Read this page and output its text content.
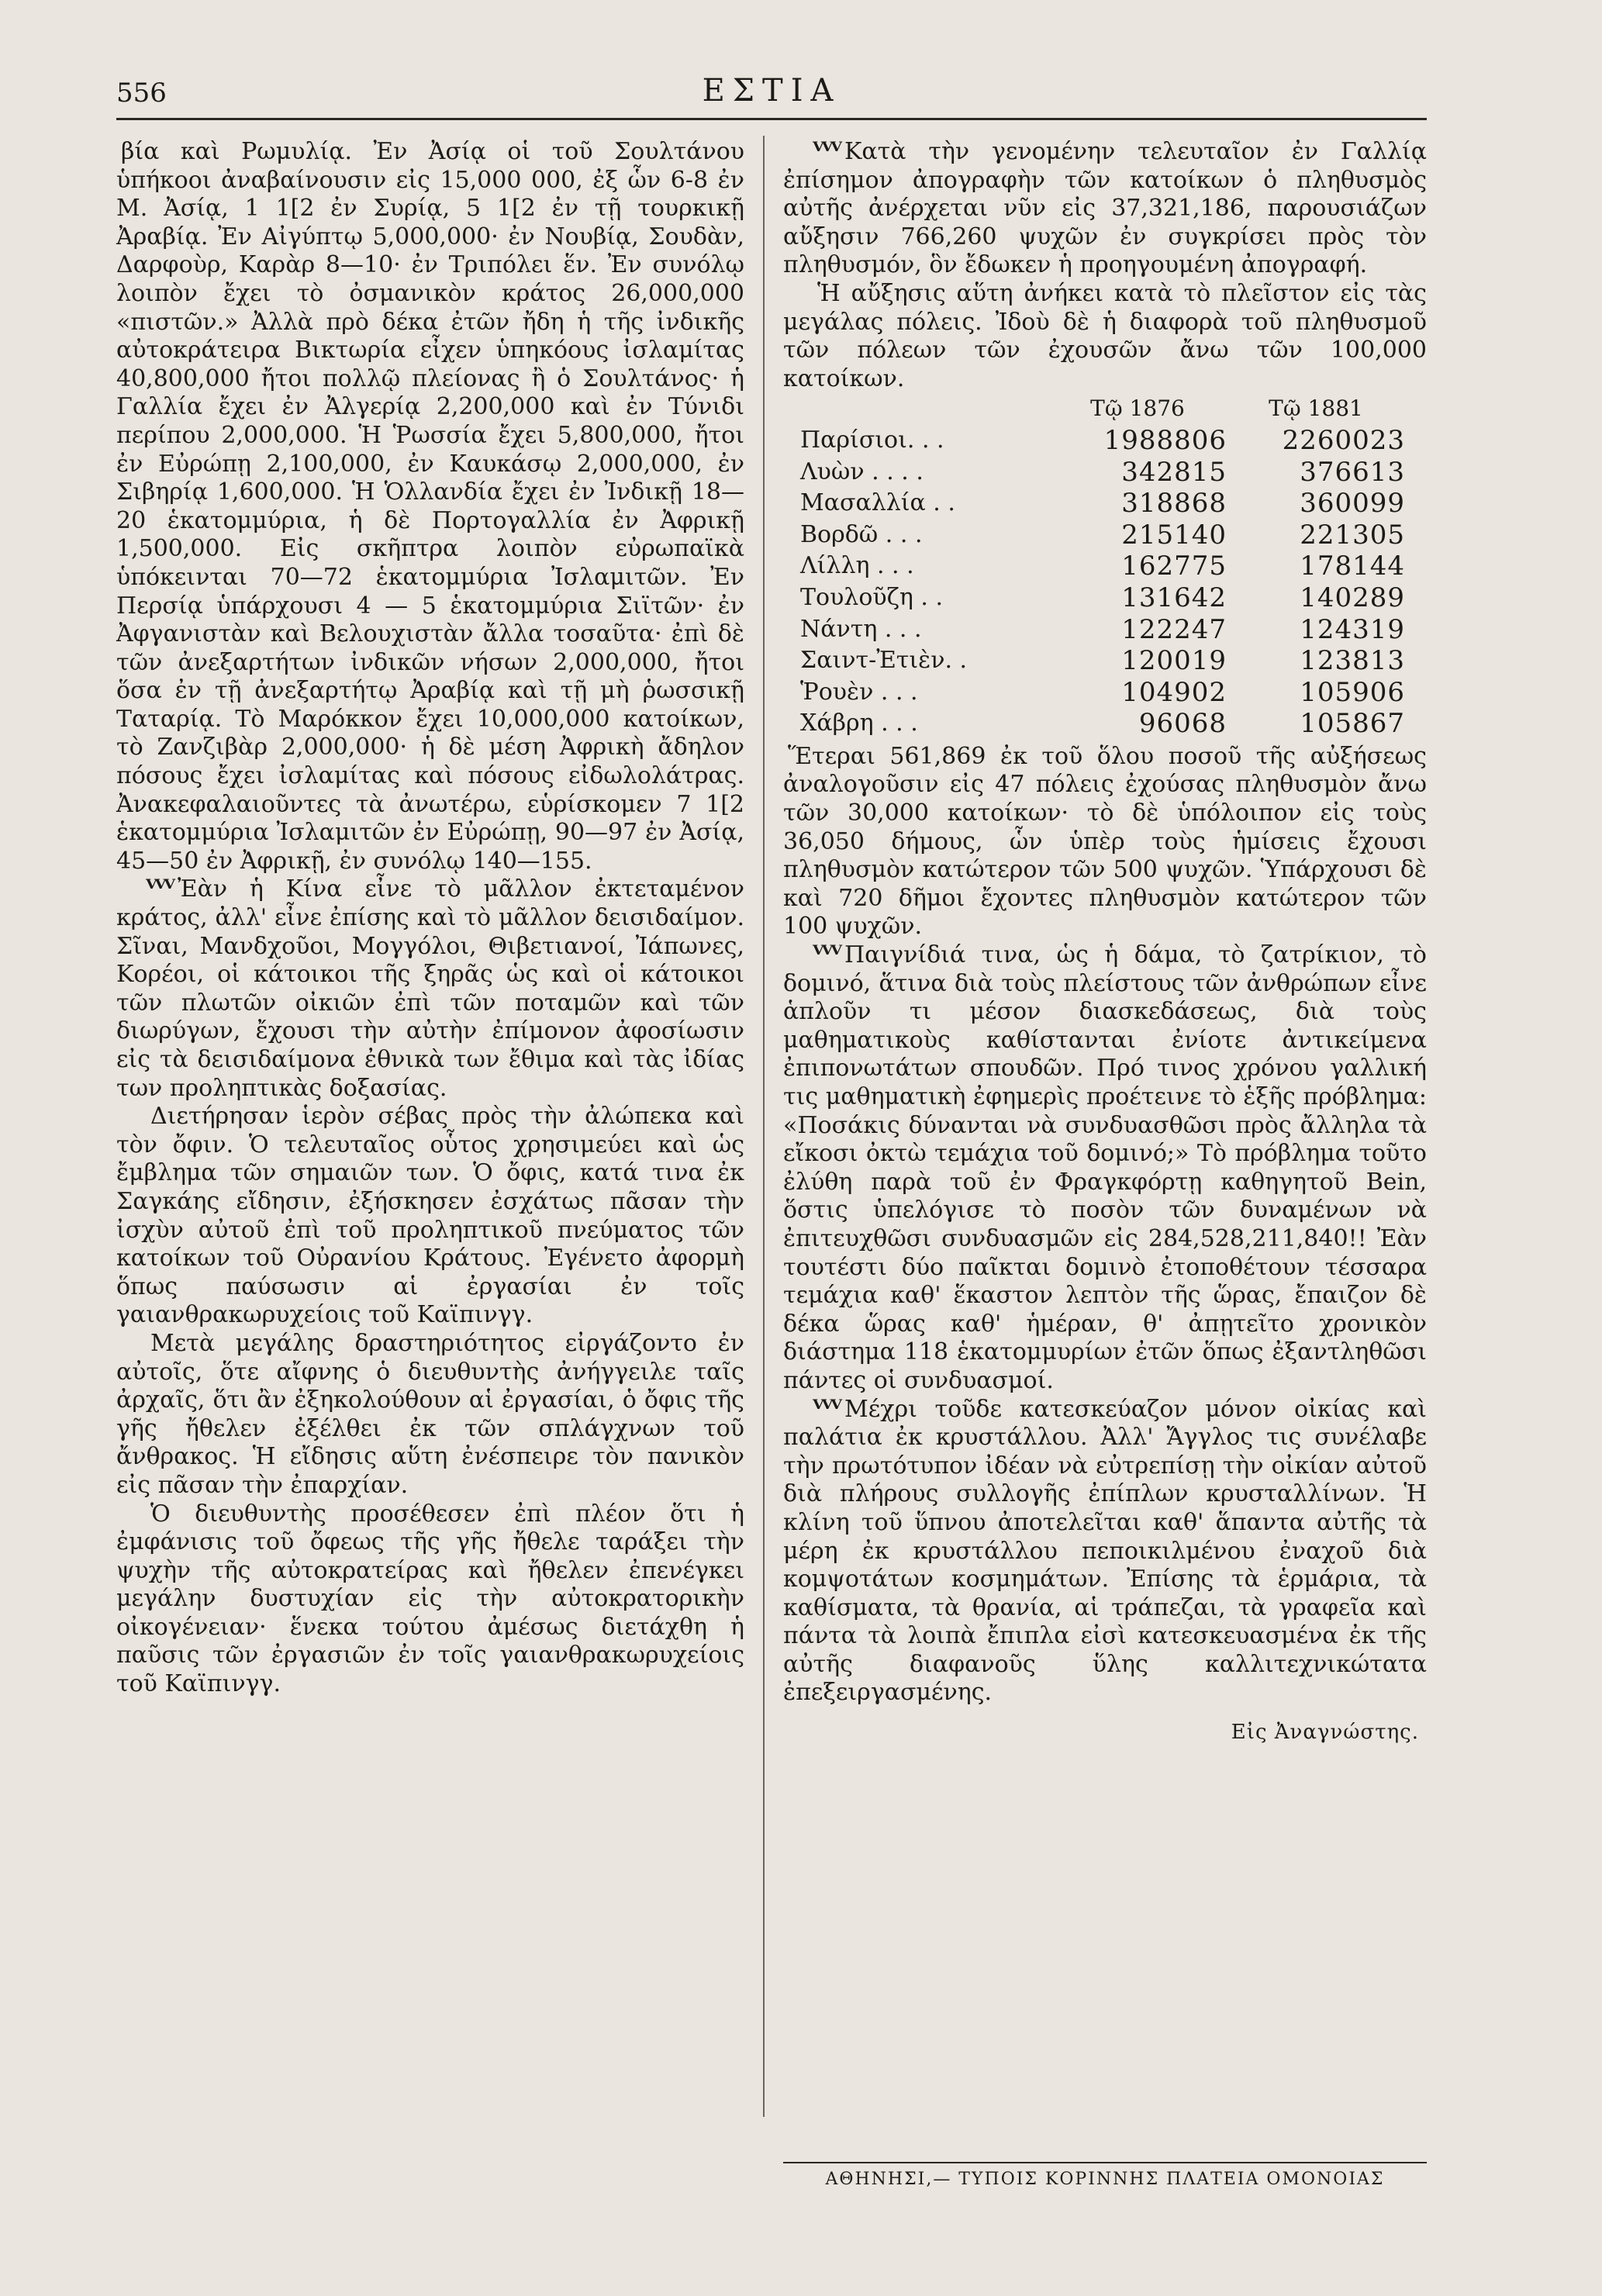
556	ΕΣΤΙΑ

βία καὶ Ρωμυλίᾳ. Ἐν Ἀσίᾳ οἱ τοῦ Σουλτάνου ὑπήκοοι ἀναβαίνουσιν εἰς 15,000 000, ἐξ ὧν 6-8 ἐν Μ. Ἀσίᾳ, 1 1[2 ἐν Συρίᾳ, 5 1[2 ἐν τῇ τουρκικῇ Ἀραβίᾳ. Ἐν Αἰγύπτῳ 5,000,000· ἐν Νουβίᾳ, Σουδὰν, Δαρφοὺρ, Καρὰρ 8—10· ἐν Τριπόλει ἕν. Ἐν συνόλῳ λοιπὸν ἔχει τὸ ὀσμανικὸν κράτος 26,000,000 «πιστῶν.» Ἀλλὰ πρὸ δέκα ἐτῶν ἤδη ἡ τῆς ἰνδικῆς αὐτοκράτειρα Βικτωρία εἶχεν ὑπηκόους ἰσλαμίτας 40,800,000 ἤτοι πολλῷ πλείονας ἢ ὁ Σουλτάνος· ἡ Γαλλία ἔχει ἐν Ἀλγερίᾳ 2,200,000 καὶ ἐν Τύνιδι περίπου 2,000,000. Ἡ Ῥωσσία ἔχει 5,800,000, ἤτοι ἐν Εὐρώπῃ 2,100,000, ἐν Καυκάσῳ 2,000,000, ἐν Σιβηρίᾳ 1,600,000. Ἡ Ὁλλανδία ἔχει ἐν Ἰνδικῇ 18—20 ἑκατομμύρια, ἡ δὲ Πορτογαλλία ἐν Ἀφρικῇ 1,500,000. Εἰς σκῆπτρα λοιπὸν εὐρωπαϊκὰ ὑπόκεινται 70—72 ἑκατομμύρια Ἰσλαμιτῶν. Ἐν Περσίᾳ ὑπάρχουσι 4 — 5 ἑκατομμύρια Σιϊτῶν· ἐν Ἀφγανιστὰν καὶ Βελουχιστὰν ἄλλα τοσαῦτα· ἐπὶ δὲ τῶν ἀνεξαρτήτων ἰνδικῶν νήσων 2,000,000, ἤτοι ὅσα ἐν τῇ ἀνεξαρτήτῳ Ἀραβίᾳ καὶ τῇ μὴ ῥωσσικῇ Ταταρίᾳ. Τὸ Μαρόκκον ἔχει 10,000,000 κατοίκων, τὸ Ζανζιβὰρ 2,000,000· ἡ δὲ μέση Ἀφρικὴ ἄδηλον πόσους ἔχει ἰσλαμίτας καὶ πόσους εἰδωλολάτρας. Ἀνακεφαλαιοῦντες τὰ ἀνωτέρω, εὑρίσκομεν 7 1[2 ἑκατομμύρια Ἰσλαμιτῶν ἐν Εὐρώπῃ, 90—97 ἐν Ἀσίᾳ, 45—50 ἐν Ἀφρικῇ, ἐν συνόλῳ 140—155.

ⱽⱽⱽ Ἐὰν ἡ Κίνα εἶνε τὸ μᾶλλον ἐκτεταμένον κράτος, ἀλλ' εἶνε ἐπίσης καὶ τὸ μᾶλλον δεισιδαίμον. Σῖναι, Μανδχοῦοι, Μογγόλοι, Θιβετιανοί, Ἰάπωνες, Κορέοι, οἱ κάτοικοι τῆς ξηρᾶς ὡς καὶ οἱ κάτοικοι τῶν πλωτῶν οἰκιῶν ἐπὶ τῶν ποταμῶν καὶ τῶν διωρύγων, ἔχουσι τὴν αὐτὴν ἐπίμονον ἀφοσίωσιν εἰς τὰ δεισιδαίμονα ἐθνικὰ των ἔθιμα καὶ τὰς ἰδίας των προληπτικὰς δοξασίας.

Διετήρησαν ἱερὸν σέβας πρὸς τὴν ἀλώπεκα καὶ τὸν ὄφιν. Ὁ τελευταῖος οὗτος χρησιμεύει καὶ ὡς ἔμβλημα τῶν σημαιῶν των. Ὁ ὄφις, κατά τινα ἐκ Σαγκάης εἴδησιν, ἐξήσκησεν ἐσχάτως πᾶσαν τὴν ἰσχὺν αὐτοῦ ἐπὶ τοῦ προληπτικοῦ πνεύματος τῶν κατοίκων τοῦ Οὐρανίου Κράτους. Ἐγένετο ἀφορμὴ ὅπως παύσωσιν αἱ ἐργασίαι ἐν τοῖς γαιανθρακωρυχείοις τοῦ Καϊπινγγ.

Μετὰ μεγάλης δραστηριότητος εἰργάζοντο ἐν αὐτοῖς, ὅτε αἴφνης ὁ διευθυντὴς ἀνήγγειλε ταῖς ἀρχαῖς, ὅτι ἂν ἐξηκολούθουν αἱ ἐργασίαι, ὁ ὄφις τῆς γῆς ἤθελεν ἐξέλθει ἐκ τῶν σπλάγχνων τοῦ ἄνθρακος. Ἡ εἴδησις αὕτη ἐνέσπειρε τὸν πανικὸν εἰς πᾶσαν τὴν ἐπαρχίαν.

Ὁ διευθυντὴς προσέθεσεν ἐπὶ πλέον ὅτι ἡ ἐμφάνισις τοῦ ὄφεως τῆς γῆς ἤθελε ταράξει τὴν ψυχὴν τῆς αὐτοκρατείρας καὶ ἤθελεν ἐπενέγκει μεγάλην δυστυχίαν εἰς τὴν αὐτοκρατορικὴν οἰκογένειαν· ἕνεκα τούτου ἀμέσως διετάχθη ἡ παῦσις τῶν ἐργασιῶν ἐν τοῖς γαιανθρακωρυχείοις τοῦ Καϊπινγγ.

ⱽⱽⱽ Κατὰ τὴν γενομένην τελευταῖον ἐν Γαλλίᾳ ἐπίσημον ἀπογραφὴν τῶν κατοίκων ὁ πληθυσμὸς αὐτῆς ἀνέρχεται νῦν εἰς 37,321,186, παρουσιάζων αὔξησιν 766,260 ψυχῶν ἐν συγκρίσει πρὸς τὸν πληθυσμόν, ὃν ἔδωκεν ἡ προηγουμένη ἀπογραφή.

Ἡ αὔξησις αὕτη ἀνήκει κατὰ τὸ πλεῖστον εἰς τὰς μεγάλας πόλεις. Ἰδοὺ δὲ ἡ διαφορὰ τοῦ πληθυσμοῦ τῶν πόλεων τῶν ἐχουσῶν ἄνω τῶν 100,000 κατοίκων.

	Τῷ 1876	Τῷ 1881
Παρίσιοι. . .	1988806	2260023
Λυὼν . . . .	342815	376613
Μασαλλία . .	318868	360099
Βορδῶ . . .	215140	221305
Λίλλη . . .	162775	178144
Τουλοῦζη . .	131642	140289
Νάντη . . .	122247	124319
Σαιντ-Ἐτιὲν. .	120019	123813
Ῥουὲν . . .	104902	105906
Χάβρη . . .	96068	105867

Ἕτεραι 561,869 ἐκ τοῦ ὅλου ποσοῦ τῆς αὐξήσεως ἀναλογοῦσιν εἰς 47 πόλεις ἐχούσας πληθυσμὸν ἄνω τῶν 30,000 κατοίκων· τὸ δὲ ὑπόλοιπον εἰς τοὺς 36,050 δήμους, ὧν ὑπὲρ τοὺς ἡμίσεις ἔχουσι πληθυσμὸν κατώτερον τῶν 500 ψυχῶν. Ὑπάρχουσι δὲ καὶ 720 δῆμοι ἔχοντες πληθυσμὸν κατώτερον τῶν 100 ψυχῶν.

ⱽⱽⱽ Παιγνίδιά τινα, ὡς ἡ δάμα, τὸ ζατρίκιον, τὸ δομινό, ἅτινα διὰ τοὺς πλείστους τῶν ἀνθρώπων εἶνε ἁπλοῦν τι μέσον διασκεδάσεως, διὰ τοὺς μαθηματικοὺς καθίστανται ἐνίοτε ἀντικείμενα ἐπιπονωτάτων σπουδῶν. Πρό τινος χρόνου γαλλική τις μαθηματικὴ ἐφημερὶς προέτεινε τὸ ἑξῆς πρόβλημα: «Ποσάκις δύνανται νὰ συνδυασθῶσι πρὸς ἄλληλα τὰ εἴκοσι ὀκτὼ τεμάχια τοῦ δομινό;» Τὸ πρόβλημα τοῦτο ἐλύθη παρὰ τοῦ ἐν Φραγκφόρτῃ καθηγητοῦ Bein, ὅστις ὑπελόγισε τὸ ποσὸν τῶν δυναμένων νὰ ἐπιτευχθῶσι συνδυασμῶν εἰς 284,528,211,840!! Ἐὰν τουτέστι δύο παῖκται δομινὸ ἐτοποθέτουν τέσσαρα τεμάχια καθ' ἕκαστον λεπτὸν τῆς ὥρας, ἔπαιζον δὲ δέκα ὥρας καθ' ἡμέραν, θ' ἀπῃτεῖτο χρονικὸν διάστημα 118 ἑκατομμυρίων ἐτῶν ὅπως ἐξαντληθῶσι πάντες οἱ συνδυασμοί.

ⱽⱽⱽ Μέχρι τοῦδε κατεσκεύαζον μόνον οἰκίας καὶ παλάτια ἐκ κρυστάλλου. Ἀλλ' Ἄγγλος τις συνέλαβε τὴν πρωτότυπον ἰδέαν νὰ εὐτρεπίσῃ τὴν οἰκίαν αὐτοῦ διὰ πλήρους συλλογῆς ἐπίπλων κρυσταλλίνων. Ἡ κλίνη τοῦ ὕπνου ἀποτελεῖται καθ' ἅπαντα αὐτῆς τὰ μέρη ἐκ κρυστάλλου πεποικιλμένου ἐναχοῦ διὰ κομψοτάτων κοσμημάτων. Ἐπίσης τὰ ἑρμάρια, τὰ καθίσματα, τὰ θρανία, αἱ τράπεζαι, τὰ γραφεῖα καὶ πάντα τὰ λοιπὰ ἔπιπλα εἰσὶ κατεσκευασμένα ἐκ τῆς αὐτῆς διαφανοῦς ὕλης καλλιτεχνικώτατα ἐπεξειργασμένης.

Εἰς Ἀναγνώστης.
ΑΘΗΝΗΣΙ,— ΤΥΠΟΙΣ ΚΟΡΙΝΝΗΣ ΠΛΑΤΕΙΑ ΟΜΟΝΟΙΑΣ
